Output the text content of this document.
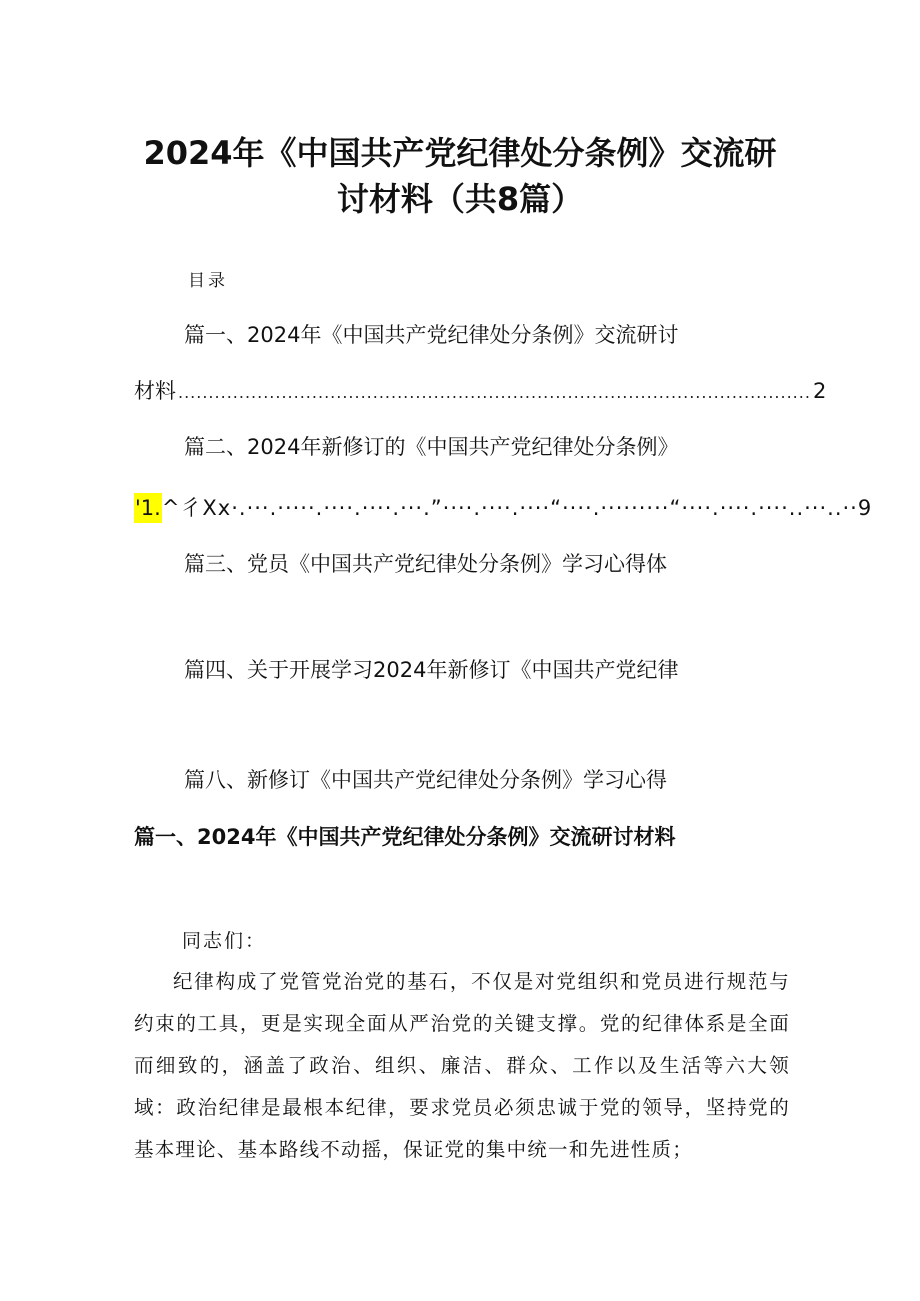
2024年《中国共产党纪律处分条例》交流研
讨材料（共8篇）
目录
篇一、2024年《中国共产党纪律处分条例》交流研讨
材料 ........................................................................................................ 2
篇二、2024年新修订的《中国共产党纪律处分条例》
'1. ^彳Xx·.···.·····.····.····.···.”····.····.····“····.·········“····.····.····..···..·· 9
篇三、党员《中国共产党纪律处分条例》学习心得体
篇四、关于开展学习2024年新修订《中国共产党纪律
篇八、新修订《中国共产党纪律处分条例》学习心得
篇一、2024年《中国共产党纪律处分条例》交流研讨材料
同志们：

纪律构成了党管党治党的基石，不仅是对党组织和党员进行规范与约束的工具，更是实现全面从严治党的关键支撑。党的纪律体系是全面而细致的，涵盖了政治、组织、廉洁、群众、工作以及生活等六大领域：政治纪律是最根本纪律，要求党员必须忠诚于党的领导，坚持党的基本理论、基本路线不动摇，保证党的集中统一和先进性质；
